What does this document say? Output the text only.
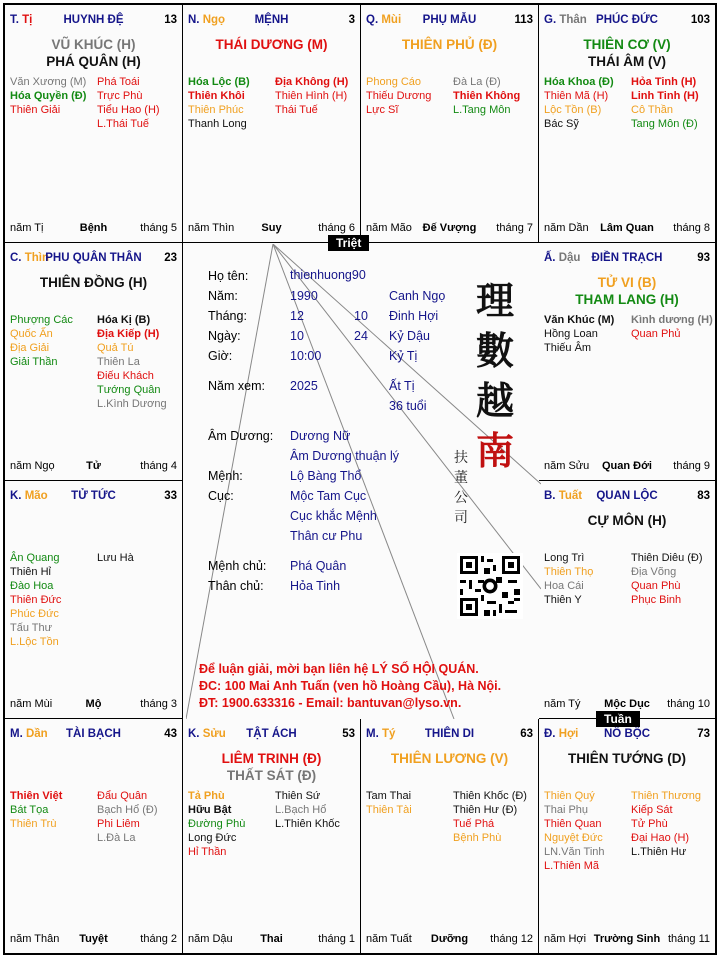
T. Tị	HUYNH ĐỆ	13
VŨ KHÚC (H)
PHÁ QUÂN (H)
Văn Xương (M)
Hóa Quyền (Đ)
Thiên Giải
Phá Toái
Trực Phù
Tiểu Hao (H)
L.Thái Tuế
năm Tị	Bệnh	tháng 5
N. Ngọ	MỆNH	3
THÁI DƯƠNG (M)
Hóa Lộc (B)
Thiên Khôi
Thiên Phúc
Thanh Long
Địa Không (H)
Thiên Hình (H)
Thái Tuế
năm Thìn	Suy	tháng 6
Q. Mùi	PHỤ MẪU	113
THIÊN PHỦ (Đ)
Phong Cáo
Thiếu Dương
Lực Sĩ
Đà La (Đ)
Thiên Không
L.Tang Môn
năm Mão Đế Vượng	tháng 7
G. Thân PHÚC ĐỨC	103
THIÊN CƠ (V)
THÁI ÂM (V)
Hóa Khoa (Đ)
Thiên Mã (H)
Lộc Tồn (B)
Bác Sỹ
Hỏa Tinh (H)
Linh Tinh (H)
Cô Thần
Tang Môn (Đ)
năm Dần	Lâm Quan	tháng 8
C. Thìn
PHU QUÂN THÂN	23
THIÊN ĐỒNG (H)
Phượng Các
Quốc Ấn
Địa Giải
Giải Thần
Hóa Kị (B)
Địa Kiếp (H)
Quả Tú
Thiên La
Điếu Khách
Tướng Quân
L.Kình Dương
năm Ngọ	Tử	tháng 4
Ấ. Dậu ĐIỀN TRẠCH	93
TỬ VI (B)
THAM LANG (H)
Văn Khúc (M)
Hồng Loan
Thiếu Âm
Kình dương (H)
Quan Phủ
năm Sửu	Quan Đới	tháng 9
K. Mão	TỬ TỨC	33
Ân Quang
Thiên Hỉ
Đào Hoa
Thiên Đức
Phúc Đức
Tấu Thư
L.Lộc Tồn
Lưu Hà
năm Mùi	Mộ	tháng 3
B. Tuất	QUAN LỘC	83
CỰ MÔN (H)
Long Trì
Thiên Thọ
Hoa Cái
Thiên Y
Thiên Diêu (Đ)
Địa Võng
Quan Phù
Phục Binh
năm Tý	Mộc Dục	tháng 10
M. Dần	TÀI BẠCH	43
Thiên Việt
Bát Tọa
Thiên Trù
Đẩu Quân
Bạch Hổ (Đ)
Phi Liêm
L.Đà La
năm Thân	Tuyệt	tháng 2
K. Sửu	TẬT ÁCH	53
LIÊM TRINH (Đ)
THẤT SÁT (Đ)
Tả Phù
Hữu Bật
Đường Phù
Long Đức
Hỉ Thần
Thiên Sứ
L.Bạch Hổ
L.Thiên Khốc
năm Dậu	Thai	tháng 1
M. Tý	THIÊN DI	63
THIÊN LƯƠNG (V)
Tam Thai
Thiên Tài
Thiên Khốc (Đ)
Thiên Hư (Đ)
Tuế Phá
Bệnh Phù
năm Tuất	Dưỡng	tháng 12
Đ. Hợi	NÔ BỘC	73
THIÊN TƯỚNG (D)
Thiên Quý
Thai Phụ
Thiên Quan
Nguyệt Đức
LN.Văn Tinh
L.Thiên Mã
Thiên Thương
Kiếp Sát
Tử Phù
Đại Hao (H)
L.Thiên Hư
năm Hợi Trường Sinh tháng 11
Họ tên:	thienhuong90
Năm:	1990	Canh Ngọ
Tháng:	12	10 Đinh Hợi
Ngày:	10	24 Kỷ Dậu
Giờ:	10:00	Kỷ Tị
Năm xem: 2025	Ất Tị
36 tuổi
Âm Dương: Dương Nữ
Âm Dương thuận lý
Mệnh:	Lộ Bàng Thổ
Cục:	Mộc Tam Cục
Cục khắc Mệnh
Thân cư Phu
Mệnh chủ: Phá Quân
Thân chủ: Hỏa Tinh
理
數
越
南
扶
董
公
司
Để luận giải, mời bạn liên hệ LÝ SỐ HỘI QUÁN.
ĐC: 100 Mai Anh Tuấn (ven hồ Hoàng Cầu), Hà Nội.
ĐT: 1900.633316 - Email: bantuvan@lyso.vn.
Triệt
Tuần
